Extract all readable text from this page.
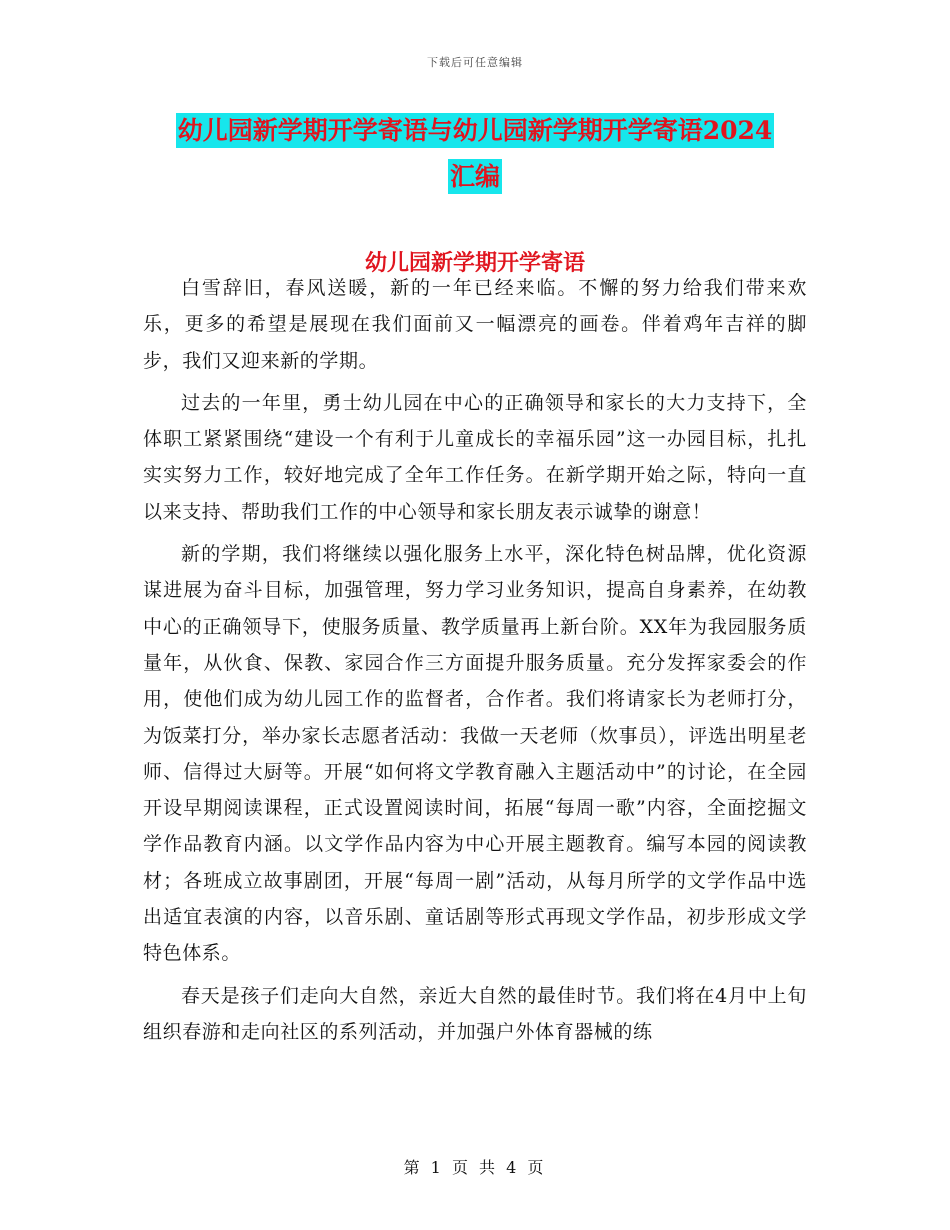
下载后可任意编辑
幼儿园新学期开学寄语与幼儿园新学期开学寄语2024
汇编
幼儿园新学期开学寄语

白雪辞旧，春风送暖，新的一年已经来临。不懈的努力给我们带来欢乐，更多的希望是展现在我们面前又一幅漂亮的画卷。伴着鸡年吉祥的脚步，我们又迎来新的学期。

过去的一年里，勇士幼儿园在中心的正确领导和家长的大力支持下，全体职工紧紧围绕“建设一个有利于儿童成长的幸福乐园”这一办园目标，扎扎实实努力工作，较好地完成了全年工作任务。在新学期开始之际，特向一直以来支持、帮助我们工作的中心领导和家长朋友表示诚挚的谢意！

新的学期，我们将继续以强化服务上水平，深化特色树品牌，优化资源谋进展为奋斗目标，加强管理，努力学习业务知识，提高自身素养，在幼教中心的正确领导下，使服务质量、教学质量再上新台阶。XX年为我园服务质量年，从伙食、保教、家园合作三方面提升服务质量。充分发挥家委会的作用，使他们成为幼儿园工作的监督者，合作者。我们将请家长为老师打分，为饭菜打分，举办家长志愿者活动：我做一天老师（炊事员），评选出明星老师、信得过大厨等。开展“如何将文学教育融入主题活动中”的讨论，在全园开设早期阅读课程，正式设置阅读时间，拓展“每周一歌”内容，全面挖掘文学作品教育内涵。以文学作品内容为中心开展主题教育。编写本园的阅读教材；各班成立故事剧团，开展“每周一剧”活动，从每月所学的文学作品中选出适宜表演的内容，以音乐剧、童话剧等形式再现文学作品，初步形成文学特色体系。

春天是孩子们走向大自然，亲近大自然的最佳时节。我们将在4月中上旬组织春游和走向社区的系列活动，并加强户外体育器械的练

第 1 页 共 4 页
